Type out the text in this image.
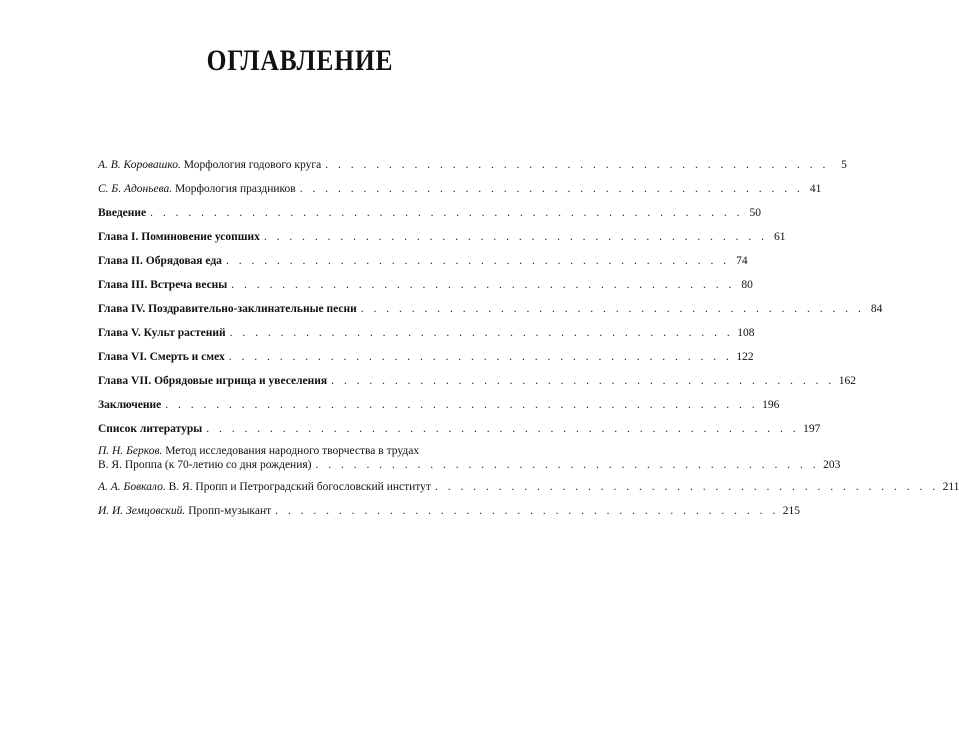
ОГЛАВЛЕНИЕ
А. В. Коровашко. Морфология годового круга . . . . . . . . . . . . . . . . . . . . . . . . . . . . . . . . . . . . . . . .	5
С. Б. Адоньева. Морфология праздников . . . . . . . . . . . . . . . . . . . . . . . . . . . . . . . . . . . . . . . . 41
Введение . . . . . . . . . . . . . . . . . . . . . . . . . . . . . . . . . . . . . . . . . . . . . . . 50
Глава I. Поминовение усопших . . . . . . . . . . . . . . . . . . . . . . . . . . . . . . . . . . . . . . . . 61
Глава II. Обрядовая еда . . . . . . . . . . . . . . . . . . . . . . . . . . . . . . . . . . . . . . . . 74
Глава III. Встреча весны . . . . . . . . . . . . . . . . . . . . . . . . . . . . . . . . . . . . . . . . 80
Глава IV. Поздравительно-заклинательные песни . . . . . . . . . . . . . . . . . . . . . . . . . . . . . . . . . . . . . . . . 84
Глава V. Культ растений . . . . . . . . . . . . . . . . . . . . . . . . . . . . . . . . . . . . . . . . 108
Глава VI. Смерть и смех . . . . . . . . . . . . . . . . . . . . . . . . . . . . . . . . . . . . . . . . 122
Глава VII. Обрядовые игрища и увеселения . . . . . . . . . . . . . . . . . . . . . . . . . . . . . . . . . . . . . . . . 162
Заключение . . . . . . . . . . . . . . . . . . . . . . . . . . . . . . . . . . . . . . . . . . . . . . . 196
Список литературы . . . . . . . . . . . . . . . . . . . . . . . . . . . . . . . . . . . . . . . . . . . . . . . 197
П. Н. Берков. Метод исследования народного творчества в трудах
В. Я. Проппа (к 70-летию со дня рождения) . . . . . . . . . . . . . . . . . . . . . . . . . . . . . . . . . . . . . . . . 203
А. А. Бовкало. В. Я. Пропп и Петроградский богословский институт . . . . . . . . . . . . . . . . . . . . . . . . . . . . . . . . . . . . . . . . 211
И. И. Земцовский. Пропп-музыкант . . . . . . . . . . . . . . . . . . . . . . . . . . . . . . . . . . . . . . . . 215
